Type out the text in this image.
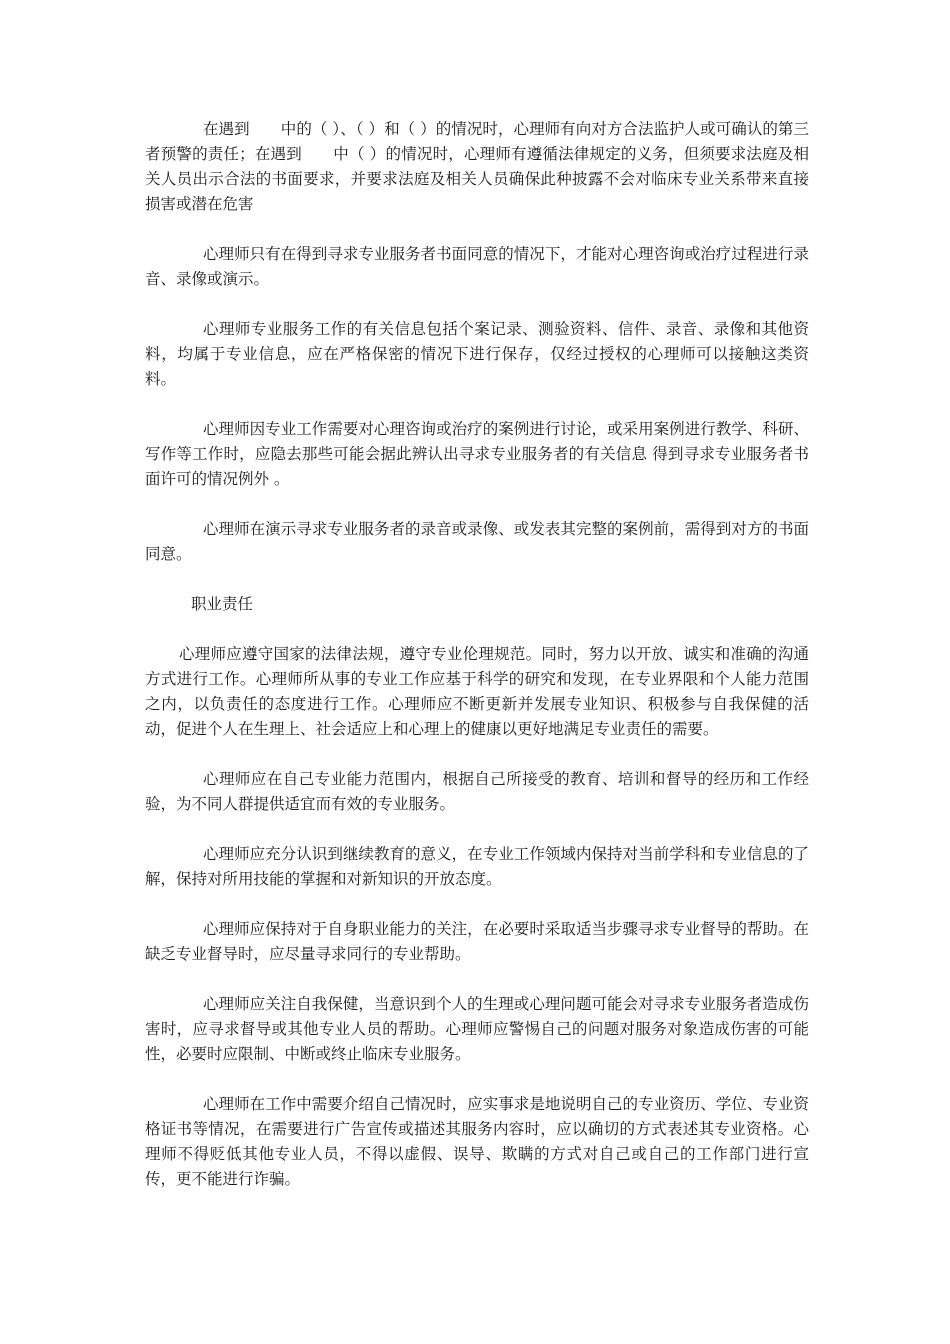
在遇到　　中的（ ）、（ ）和（ ）的情况时，心理师有向对方合法监护人或可确认的第三者预警的责任；在遇到　　中（ ）的情况时，心理师有遵循法律规定的义务，但须要求法庭及相关人员出示合法的书面要求，并要求法庭及相关人员确保此种披露不会对临床专业关系带来直接损害或潜在危害

心理师只有在得到寻求专业服务者书面同意的情况下，才能对心理咨询或治疗过程进行录音、录像或演示。

心理师专业服务工作的有关信息包括个案记录、测验资料、信件、录音、录像和其他资料，均属于专业信息，应在严格保密的情况下进行保存，仅经过授权的心理师可以接触这类资料。

心理师因专业工作需要对心理咨询或治疗的案例进行讨论，或采用案例进行教学、科研、写作等工作时，应隐去那些可能会据此辨认出寻求专业服务者的有关信息 得到寻求专业服务者书面许可的情况例外 。

心理师在演示寻求专业服务者的录音或录像、或发表其完整的案例前，需得到对方的书面同意。

职业责任

心理师应遵守国家的法律法规，遵守专业伦理规范。同时，努力以开放、诚实和准确的沟通方式进行工作。心理师所从事的专业工作应基于科学的研究和发现，在专业界限和个人能力范围之内，以负责任的态度进行工作。心理师应不断更新并发展专业知识、积极参与自我保健的活动，促进个人在生理上、社会适应上和心理上的健康以更好地满足专业责任的需要。

心理师应在自己专业能力范围内，根据自己所接受的教育、培训和督导的经历和工作经验，为不同人群提供适宜而有效的专业服务。

心理师应充分认识到继续教育的意义，在专业工作领域内保持对当前学科和专业信息的了解，保持对所用技能的掌握和对新知识的开放态度。

心理师应保持对于自身职业能力的关注，在必要时采取适当步骤寻求专业督导的帮助。在缺乏专业督导时，应尽量寻求同行的专业帮助。

心理师应关注自我保健，当意识到个人的生理或心理问题可能会对寻求专业服务者造成伤害时，应寻求督导或其他专业人员的帮助。心理师应警惕自己的问题对服务对象造成伤害的可能性，必要时应限制、中断或终止临床专业服务。

心理师在工作中需要介绍自己情况时，应实事求是地说明自己的专业资历、学位、专业资格证书等情况，在需要进行广告宣传或描述其服务内容时，应以确切的方式表述其专业资格。心理师不得贬低其他专业人员，不得以虚假、误导、欺瞒的方式对自己或自己的工作部门进行宣传，更不能进行诈骗。
